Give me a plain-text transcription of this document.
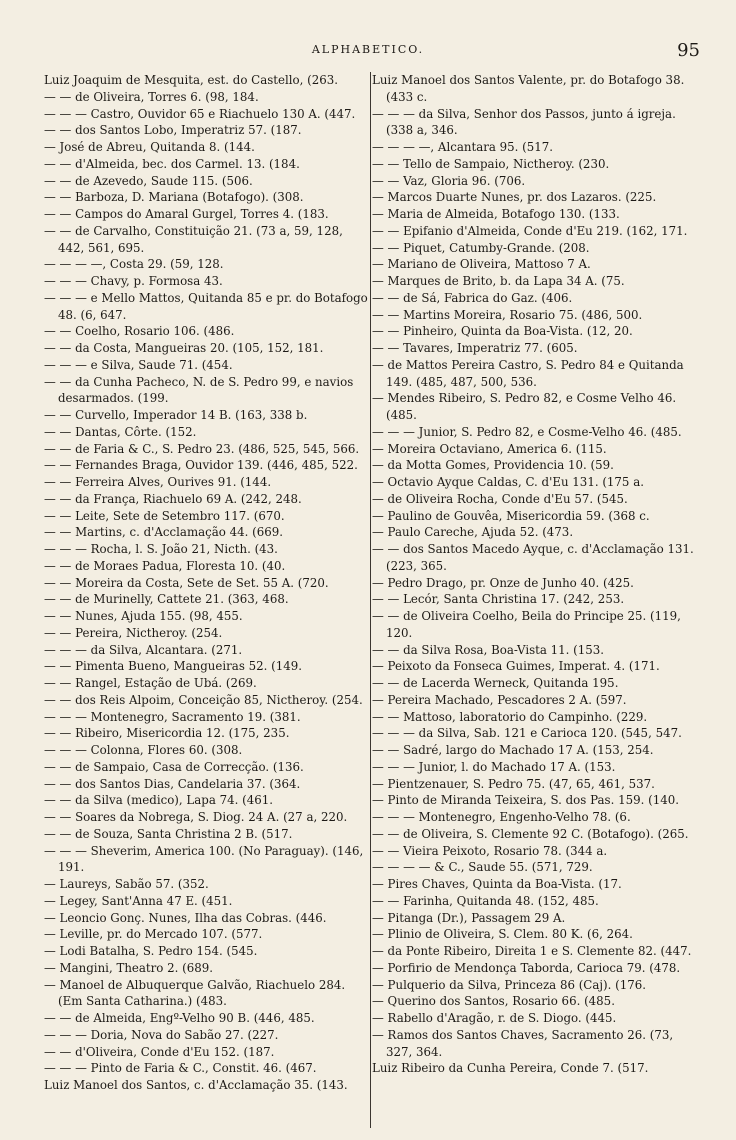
ALPHABETICO.	95

Luiz Joaquim de Mesquita, est. do Castello, (263.

— — de Oliveira, Torres 6. (98, 184.

— — — Castro, Ouvidor 65 e Riachuelo 130 A. (447.

— — dos Santos Lobo, Imperatriz 57. (187.

— José de Abreu, Quitanda 8. (144.

— — d'Almeida, bec. dos Carmel. 13. (184.

— — de Azevedo, Saude 115. (506.

— — Barboza, D. Mariana (Botafogo). (308.

— — Campos do Amaral Gurgel, Torres 4. (183.

— — de Carvalho, Constituição 21. (73 a, 59, 128, 442, 561, 695.

— — — —, Costa 29. (59, 128.

— — — Chavy, p. Formosa 43.

— — — e Mello Mattos, Quitanda 85 e pr. do Botafogo 48. (6, 647.

— — Coelho, Rosario 106. (486.

— — da Costa, Mangueiras 20. (105, 152, 181.

— — — e Silva, Saude 71. (454.

— — da Cunha Pacheco, N. de S. Pedro 99, e navios desarmados. (199.

— — Curvello, Imperador 14 B. (163, 338 b.

— — Dantas, Côrte. (152.

— — de Faria & C., S. Pedro 23. (486, 525, 545, 566.

— — Fernandes Braga, Ouvidor 139. (446, 485, 522.

— — Ferreira Alves, Ourives 91. (144.

— — da França, Riachuelo 69 A. (242, 248.

— — Leite, Sete de Setembro 117. (670.

— — Martins, c. d'Acclamação 44. (669.

— — — Rocha, l. S. João 21, Nicth. (43.

— — de Moraes Padua, Floresta 10. (40.

— — Moreira da Costa, Sete de Set. 55 A. (720.

— — de Murinelly, Cattete 21. (363, 468.

— — Nunes, Ajuda 155. (98, 455.

— — Pereira, Nictheroy. (254.

— — — da Silva, Alcantara. (271.

— — Pimenta Bueno, Mangueiras 52. (149.

— — Rangel, Estação de Ubá. (269.

— — dos Reis Alpoim, Conceição 85, Nictheroy. (254.

— — — Montenegro, Sacramento 19. (381.

— — Ribeiro, Misericordia 12. (175, 235.

— — — Colonna, Flores 60. (308.

— — de Sampaio, Casa de Correcção. (136.

— — dos Santos Dias, Candelaria 37. (364.

— — da Silva (medico), Lapa 74. (461.

— — Soares da Nobrega, S. Diog. 24 A. (27 a, 220.

— — de Souza, Santa Christina 2 B. (517.

— — — Sheverim, America 100. (No Paraguay). (146, 191.

— Laureys, Sabão 57. (352.

— Legey, Sant'Anna 47 E. (451.

— Leoncio Gonç. Nunes, Ilha das Cobras. (446.

— Leville, pr. do Mercado 107. (577.

— Lodi Batalha, S. Pedro 154. (545.

— Mangini, Theatro 2. (689.

— Manoel de Albuquerque Galvão, Riachuelo 284. (Em Santa Catharina.) (483.

— — de Almeida, Engº-Velho 90 B. (446, 485.

— — — Doria, Nova do Sabão 27. (227.

— — d'Oliveira, Conde d'Eu 152. (187.

— — — Pinto de Faria & C., Constit. 46. (467.

Luiz Manoel dos Santos, c. d'Acclamação 35. (143.

Luiz Manoel dos Santos Valente, pr. do Botafogo 38. (433 c.

— — — da Silva, Senhor dos Passos, junto á igreja. (338 a, 346.

— — — —, Alcantara 95. (517.

— — Tello de Sampaio, Nictheroy. (230.

— — Vaz, Gloria 96. (706.

— Marcos Duarte Nunes, pr. dos Lazaros. (225.

— Maria de Almeida, Botafogo 130. (133.

— — Epifanio d'Almeida, Conde d'Eu 219. (162, 171.

— — Piquet, Catumby-Grande. (208.

— Mariano de Oliveira, Mattoso 7 A.

— Marques de Brito, b. da Lapa 34 A. (75.

— — de Sá, Fabrica do Gaz. (406.

— — Martins Moreira, Rosario 75. (486, 500.

— — Pinheiro, Quinta da Boa-Vista. (12, 20.

— — Tavares, Imperatriz 77. (605.

— de Mattos Pereira Castro, S. Pedro 84 e Quitanda 149. (485, 487, 500, 536.

— Mendes Ribeiro, S. Pedro 82, e Cosme Velho 46. (485.

— — — Junior, S. Pedro 82, e Cosme-Velho 46. (485.

— Moreira Octaviano, America 6. (115.

— da Motta Gomes, Providencia 10. (59.

— Octavio Ayque Caldas, C. d'Eu 131. (175 a.

— de Oliveira Rocha, Conde d'Eu 57. (545.

— Paulino de Gouvêa, Misericordia 59. (368 c.

— Paulo Careche, Ajuda 52. (473.

— — dos Santos Macedo Ayque, c. d'Acclamação 131. (223, 365.

— Pedro Drago, pr. Onze de Junho 40. (425.

— — Lecór, Santa Christina 17. (242, 253.

— — de Oliveira Coelho, Beila do Principe 25. (119, 120.

— — da Silva Rosa, Boa-Vista 11. (153.

— Peixoto da Fonseca Guimes, Imperat. 4. (171.

— — de Lacerda Werneck, Quitanda 195.

— Pereira Machado, Pescadores 2 A. (597.

— — Mattoso, laboratorio do Campinho. (229.

— — — da Silva, Sab. 121 e Carioca 120. (545, 547.

— — Sadré, largo do Machado 17 A. (153, 254.

— — — Junior, l. do Machado 17 A. (153.

— Pientzenauer, S. Pedro 75. (47, 65, 461, 537.

— Pinto de Miranda Teixeira, S. dos Pas. 159. (140.

— — — Montenegro, Engenho-Velho 78. (6.

— — de Oliveira, S. Clemente 92 C. (Botafogo). (265.

— — Vieira Peixoto, Rosario 78. (344 a.

— — — — & C., Saude 55. (571, 729.

— Pires Chaves, Quinta da Boa-Vista. (17.

— — Farinha, Quitanda 48. (152, 485.

— Pitanga (Dr.), Passagem 29 A.

— Plinio de Oliveira, S. Clem. 80 K. (6, 264.

— da Ponte Ribeiro, Direita 1 e S. Clemente 82. (447.

— Porfirio de Mendonça Taborda, Carioca 79. (478.

— Pulquerio da Silva, Princeza 86 (Caj). (176.

— Querino dos Santos, Rosario 66. (485.

— Rabello d'Aragão, r. de S. Diogo. (445.

— Ramos dos Santos Chaves, Sacramento 26. (73, 327, 364.

Luiz Ribeiro da Cunha Pereira, Conde 7. (517.
